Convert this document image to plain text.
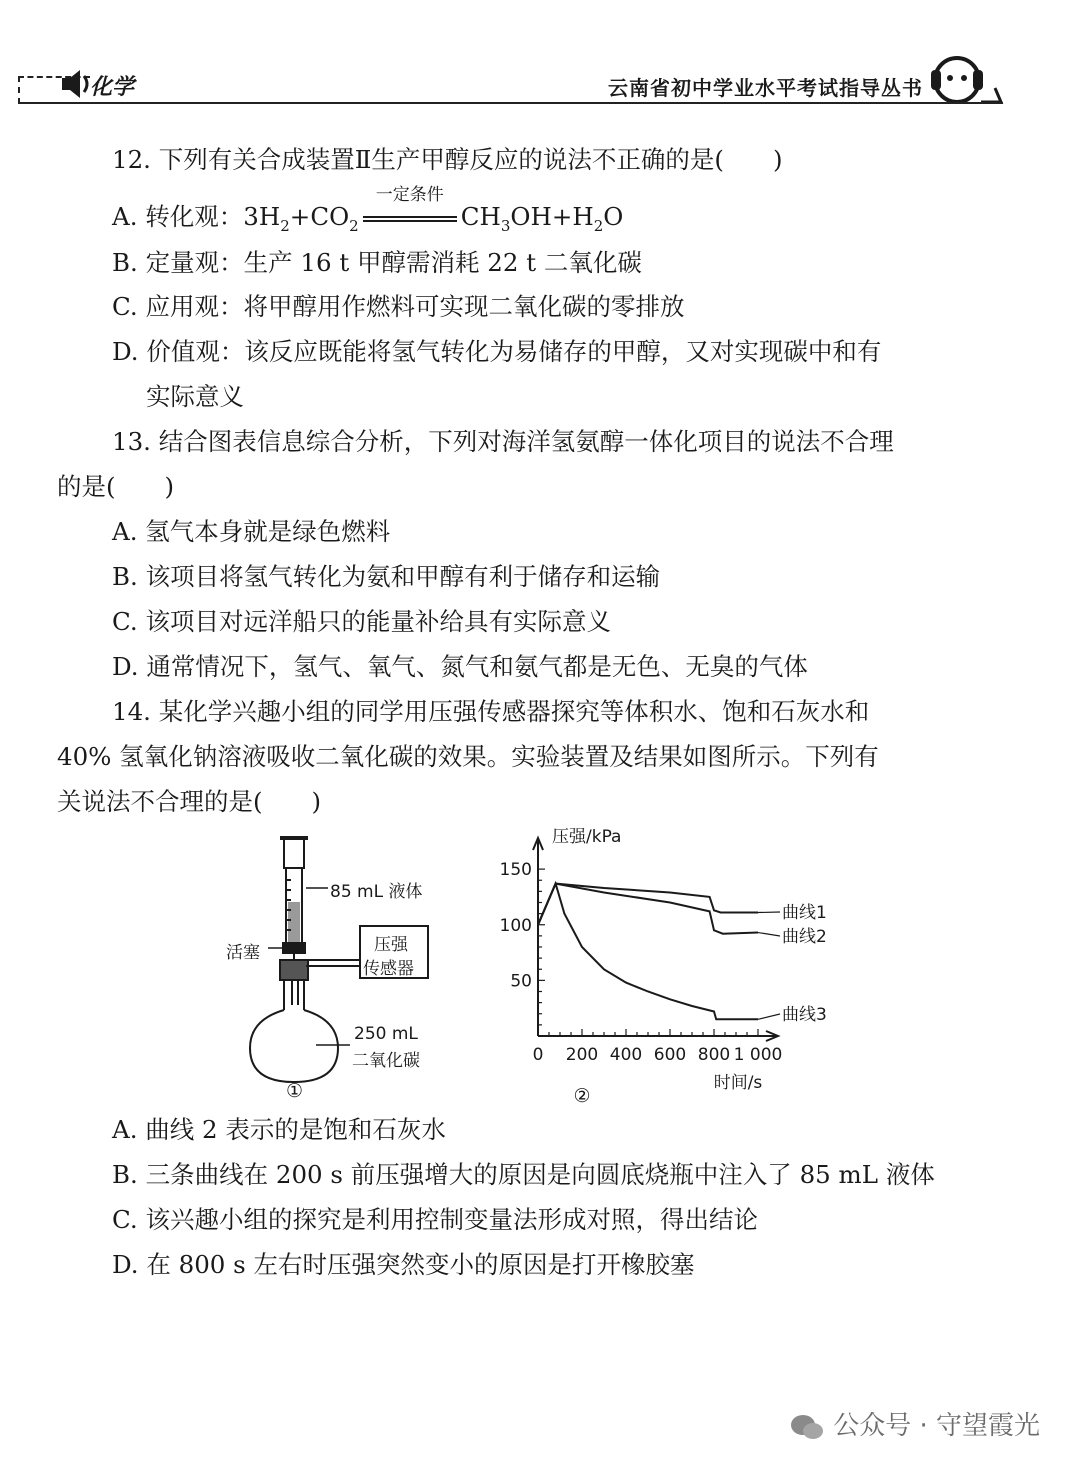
化学	云南省初中学业水平考试指导丛书
12. 下列有关合成装置Ⅱ生产甲醇反应的说法不正确的是(　　)
A. 转化观：$3H_2+CO_2$
一定条件
$CH_3OH+H_2O$
B. 定量观：生产 16 t 甲醇需消耗 22 t 二氧化碳
C. 应用观：将甲醇用作燃料可实现二氧化碳的零排放
D. 价值观：该反应既能将氢气转化为易储存的甲醇，又对实现碳中和有
实际意义
13. 结合图表信息综合分析，下列对海洋氢氨醇一体化项目的说法不合理
的是(　　)
A. 氢气本身就是绿色燃料
B. 该项目将氢气转化为氨和甲醇有利于储存和运输
C. 该项目对远洋船只的能量补给具有实际意义
D. 通常情况下，氢气、氧气、氮气和氨气都是无色、无臭的气体
14. 某化学兴趣小组的同学用压强传感器探究等体积水、饱和石灰水和
40% 氢氧化钠溶液吸收二氧化碳的效果。实验装置及结果如图所示。下列有
关说法不合理的是(　　)
85 mL 液体
活塞	压强
传感器
250 mL
二氧化碳
①
0 200 400 600 800 1 000
50
100
150
压强/kPa
时间/s
曲线1
曲线2
曲线3
②
A. 曲线 2 表示的是饱和石灰水
B. 三条曲线在 200 s 前压强增大的原因是向圆底烧瓶中注入了 85 mL 液体
C. 该兴趣小组的探究是利用控制变量法形成对照，得出结论
D. 在 800 s 左右时压强突然变小的原因是打开橡胶塞
公众号 · 守望霞光
